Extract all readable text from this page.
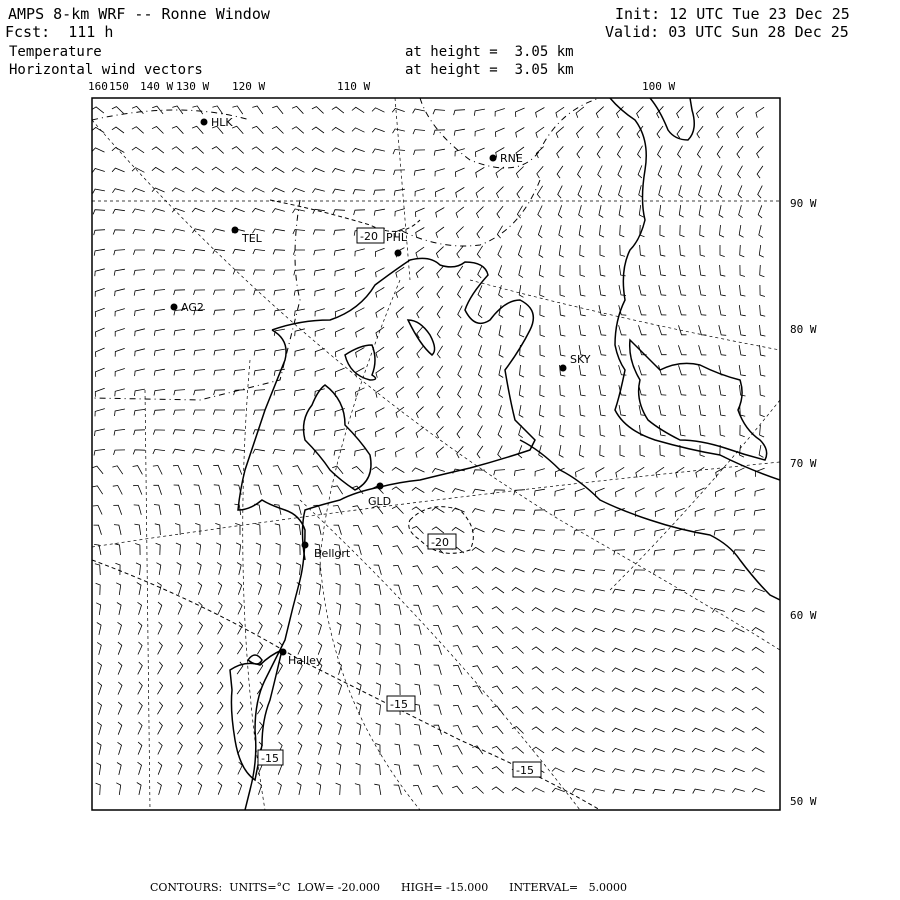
AMPS 8-km WRF -- Ronne Window
Fcst:  111 h
Temperature
Horizontal wind vectors
Init: 12 UTC Tue 23 Dec 25
Valid: 03 UTC Sun 28 Dec 25
at height =  3.05 km
at height =  3.05 km
160 150 140 W 130 W 120 W	110 W	100 W
90 W
80 W
70 W
60 W
50 W
HLK
RNE
TEL	PHL
AG2
SKY
GLD
Bellgrt
Halley
-20
-20
-15
-15
-15
CONTOURS:  UNITS=°C  LOW= -20.000      HIGH= -15.000      INTERVAL=   5.0000
